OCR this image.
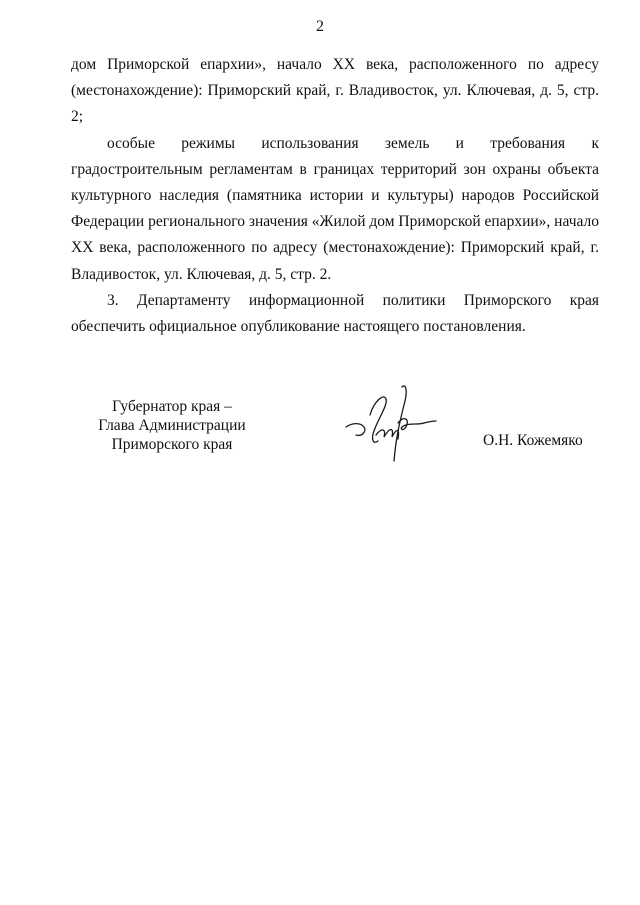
2

дом Приморской епархии», начало XX века, расположенного по адресу (местонахождение): Приморский край, г. Владивосток, ул. Ключевая, д. 5, стр. 2;

особые режимы использования земель и требования к градостроительным регламентам в границах территорий зон охраны объекта культурного наследия (памятника истории и культуры) народов Российской Федерации регионального значения «Жилой дом Приморской епархии», начало XX века, расположенного по адресу (местонахождение): Приморский край, г. Владивосток, ул. Ключевая, д. 5, стр. 2.

3. Департаменту информационной политики Приморского края обеспечить официальное опубликование настоящего постановления.

Губернатор края –
Глава Администрации
Приморского края	О.Н. Кожемяко
